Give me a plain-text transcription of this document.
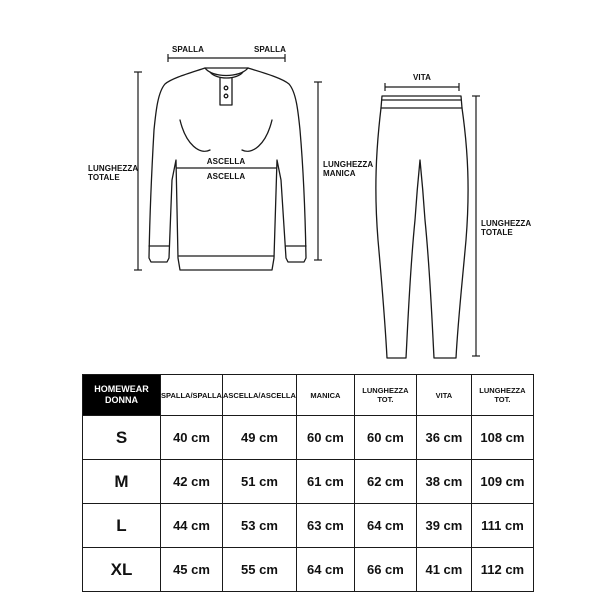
SPALLA	SPALLA
ASCELLA
ASCELLA
LUNGHEZZA
TOTALE
LUNGHEZZA
MANICA
VITA
LUNGHEZZA
TOTALE
HOMEWEAR
DONNA	SPALLA/SPALLA	ASCELLA/ASCELLA	MANICA	LUNGHEZZA TOT.	VITA	LUNGHEZZA TOT.
S	40 cm	49 cm	60 cm	60 cm	36 cm	108 cm
M	42 cm	51 cm	61 cm	62 cm	38 cm	109 cm
L	44 cm	53 cm	63 cm	64 cm	39 cm	111 cm
XL	45 cm	55 cm	64 cm	66 cm	41 cm	112 cm
